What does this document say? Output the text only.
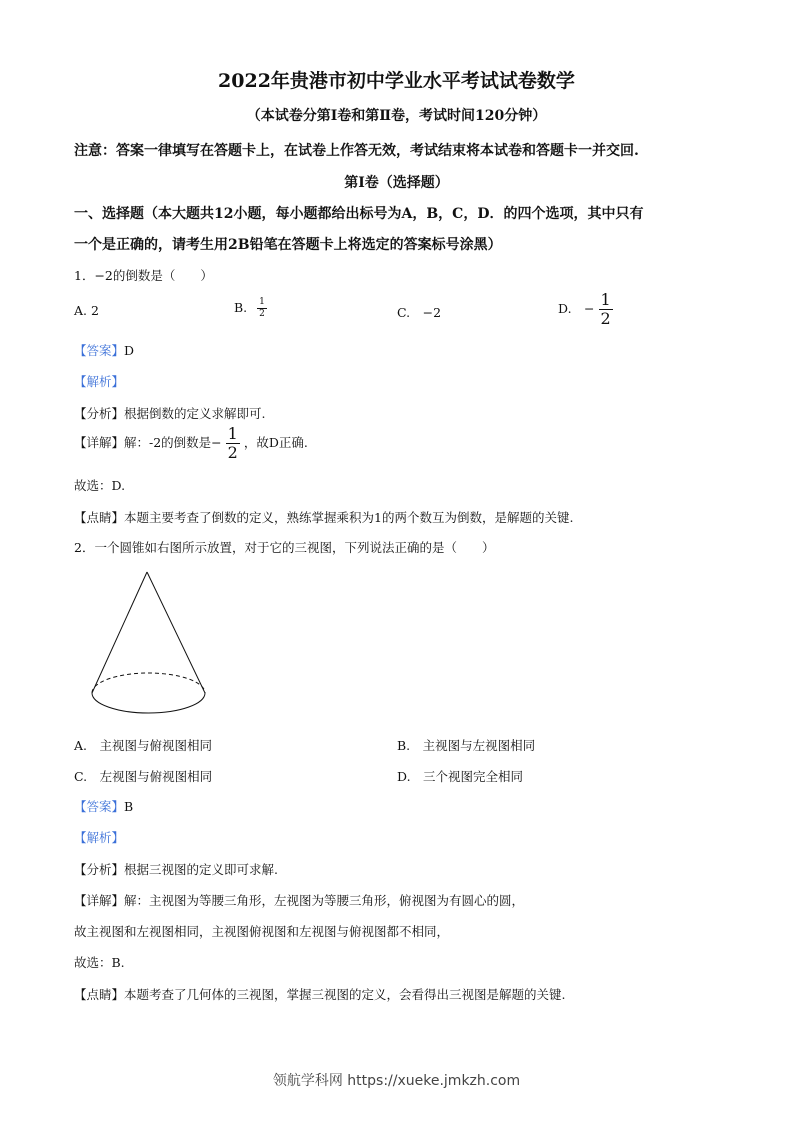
2022年贵港市初中学业水平考试试卷数学
（本试卷分第Ⅰ卷和第Ⅱ卷，考试时间120分钟）
注意：答案一律填写在答题卡上，在试卷上作答无效，考试结束将本试卷和答题卡一并交回.
第Ⅰ卷（选择题）
一、选择题（本大题共12小题，每小题都给出标号为A，B，C，D．的四个选项，其中只有
一个是正确的，请考生用2B铅笔在答题卡上将选定的答案标号涂黑）
1．−2的倒数是（　　）
A. 2	B. $\frac{1}{2}$	C.　−2	D.　− $\frac{1}{2}$
【答案】D
【解析】
【分析】根据倒数的定义求解即可.
【详解】解：-2的倒数是− $\frac{1}{2}$ ，故D正确.
故选：D.
【点睛】本题主要考查了倒数的定义，熟练掌握乘积为1的两个数互为倒数，是解题的关键.
2．一个圆锥如右图所示放置，对于它的三视图，下列说法正确的是（　　）
A.　主视图与俯视图相同	B.　主视图与左视图相同
C.　左视图与俯视图相同	D.　三个视图完全相同
【答案】B
【解析】
【分析】根据三视图的定义即可求解.
【详解】解：主视图为等腰三角形，左视图为等腰三角形，俯视图为有圆心的圆，
故主视图和左视图相同，主视图俯视图和左视图与俯视图都不相同，
故选：B.
【点睛】本题考查了几何体的三视图，掌握三视图的定义，会看得出三视图是解题的关键.
领航学科网 https://xueke.jmkzh.com
